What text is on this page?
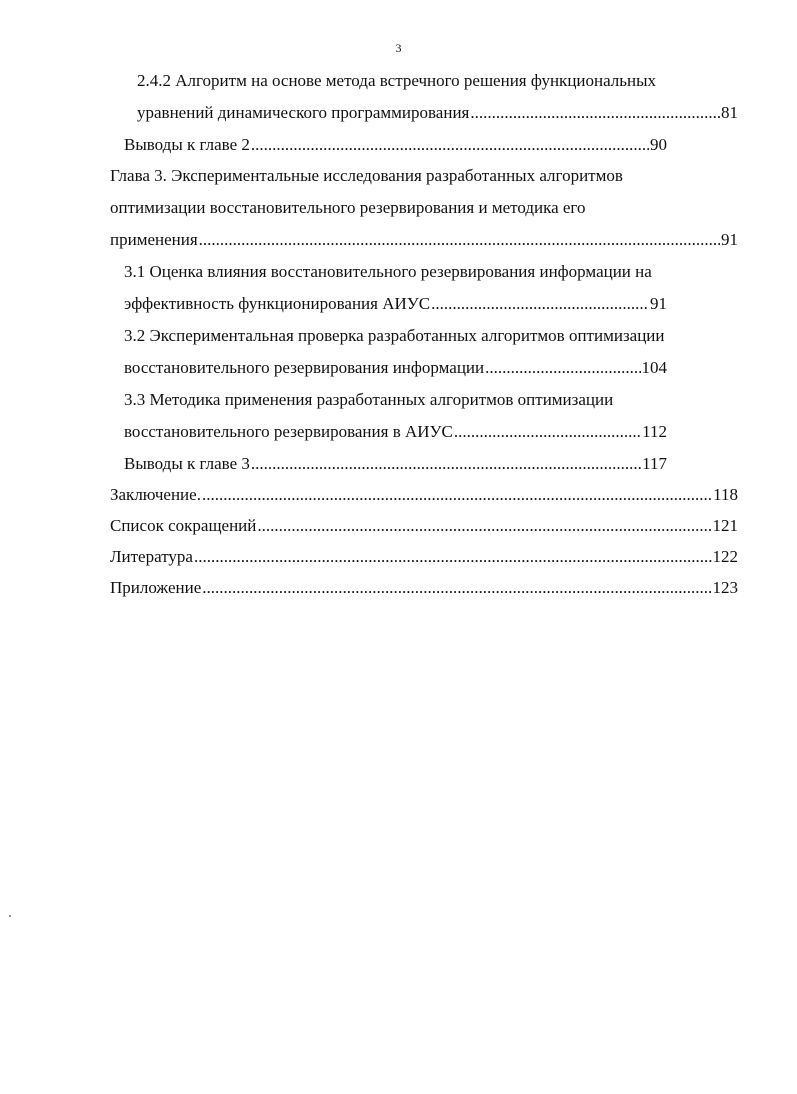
3
2.4.2 Алгоритм на основе метода встречного решения функциональных
уравнений динамического программирования .....	81
Выводы к главе 2 .....	90
Глава 3. Экспериментальные исследования разработанных алгоритмов
оптимизации восстановительного резервирования и методика его
применения .....	91
3.1 Оценка влияния восстановительного резервирования информации на
эффективность функционирования АИУС .....	91
3.2 Экспериментальная проверка разработанных алгоритмов оптимизации
восстановительного резервирования информации .....	104
3.3 Методика применения разработанных алгоритмов оптимизации
восстановительного резервирования в АИУС .....	112
Выводы к главе 3 .....	117
Заключение. .....	118
Список сокращений .....	121
Литература .....	122
Приложение .....	123
